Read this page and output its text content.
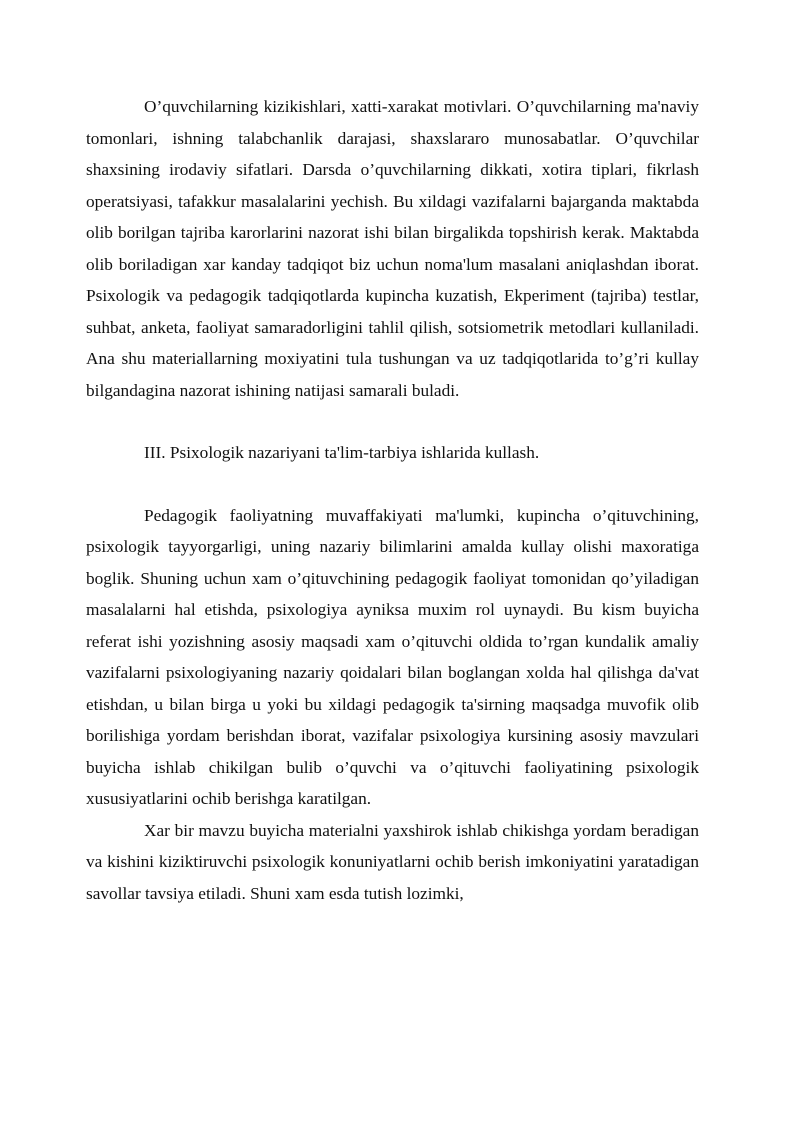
O’quvchilarning kizikishlari, xatti-xarakat motivlari. O’quvchilarning ma'naviy tomonlari, ishning talabchanlik darajasi, shaxslararo munosabatlar. O’quvchilar shaxsining irodaviy sifatlari. Darsda o’quvchilarning dikkati, xotira tiplari, fikrlash operatsiyasi, tafakkur masalalarini yechish. Bu xildagi vazifalarni bajarganda maktabda olib borilgan tajriba karorlarini nazorat ishi bilan birgalikda topshirish kerak. Maktabda olib boriladigan xar kanday tadqiqot biz uchun noma'lum masalani aniqlashdan iborat. Psixologik va pedagogik tadqiqotlarda kupincha kuzatish, Ekperiment (tajriba) testlar, suhbat, anketa, faoliyat samaradorligini tahlil qilish, sotsiometrik metodlari kullaniladi. Ana shu materiallarning moxiyatini tula tushungan va uz tadqiqotlarida to’g’ri kullay bilgandagina nazorat ishining natijasi samarali buladi.

III. Psixologik nazariyani ta'lim-tarbiya ishlarida kullash.

Pedagogik faoliyatning muvaffakiyati ma'lumki, kupincha o’qituvchining, psixologik tayyorgarligi, uning nazariy bilimlarini amalda kullay olishi maxoratiga boglik. Shuning uchun xam o’qituvchining pedagogik faoliyat tomonidan qo’yiladigan masalalarni hal etishda, psixologiya ayniksa muxim rol uynaydi. Bu kism buyicha referat ishi yozishning asosiy maqsadi xam o’qituvchi oldida to’rgan kundalik amaliy vazifalarni psixologiyaning nazariy qoidalari bilan boglangan xolda hal qilishga da'vat etishdan, u bilan birga u yoki bu xildagi pedagogik ta'sirning maqsadga muvofik olib borilishiga yordam berishdan iborat, vazifalar psixologiya kursining asosiy mavzulari buyicha ishlab chikilgan bulib o’quvchi va o’qituvchi faoliyatining psixologik xususiyatlarini ochib berishga karatilgan.

Xar bir mavzu buyicha materialni yaxshirok ishlab chikishga yordam beradigan va kishini kiziktiruvchi psixologik konuniyatlarni ochib berish imkoniyatini yaratadigan savollar tavsiya etiladi. Shuni xam esda tutish lozimki,
